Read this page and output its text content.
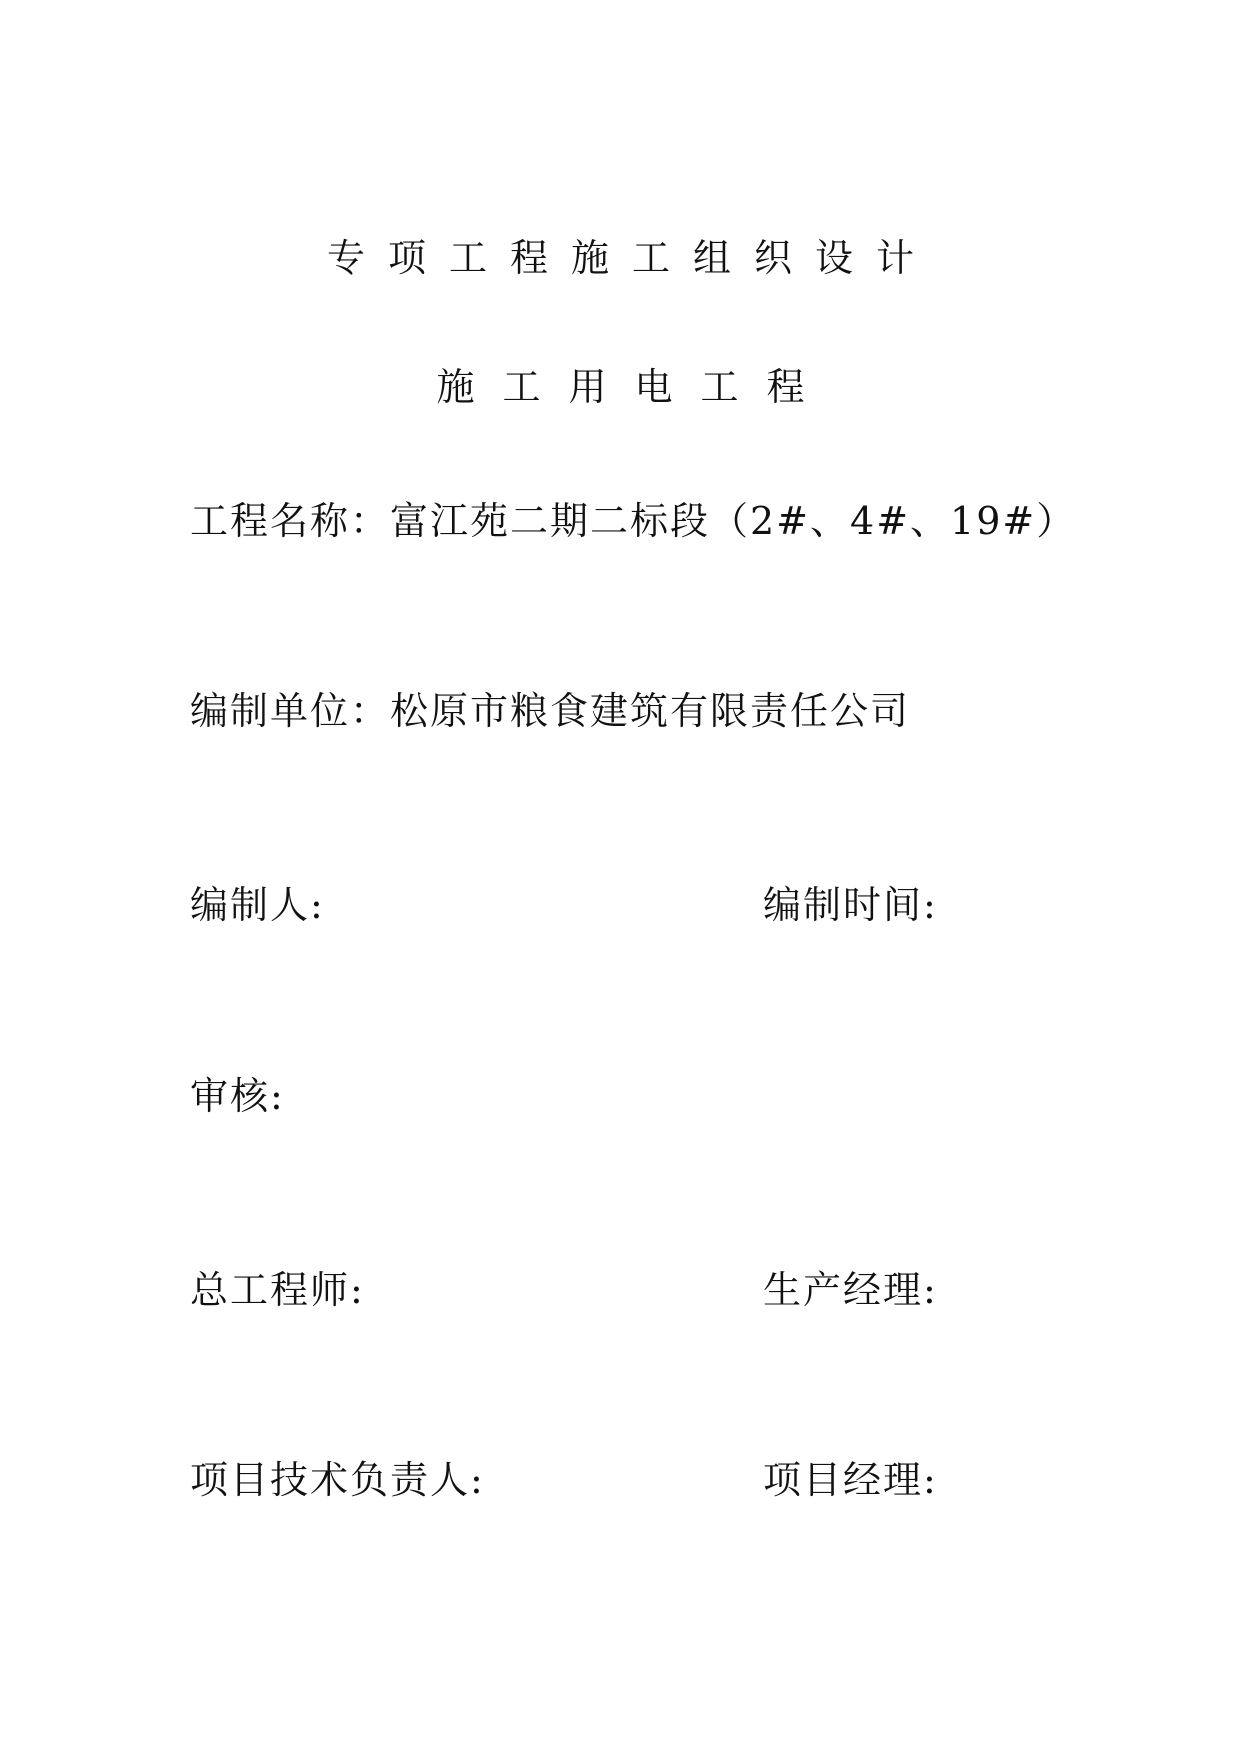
专项工程施工组织设计
施工用电工程
工程名称：富江苑二期二标段（2#、4#、19#）
编制单位：松原市粮食建筑有限责任公司
编制人:	编制时间:
审核:
总工程师:	生产经理:
项目技术负责人:	项目经理:
